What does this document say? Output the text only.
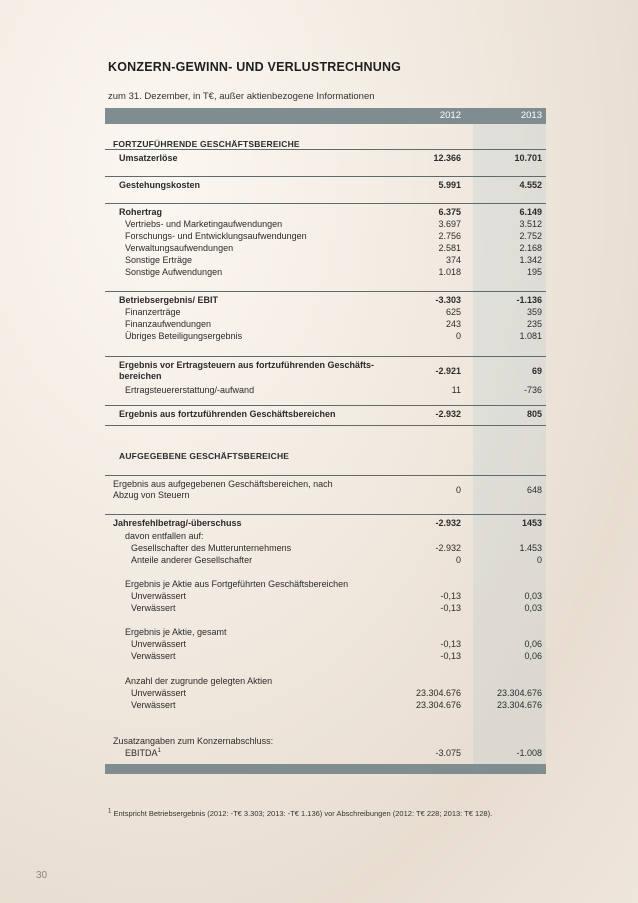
KONZERN-GEWINN- UND VERLUSTRECHNUNG
zum 31. Dezember, in T€, außer aktienbezogene Informationen
2012	2013
FORTZUFÜHRENDE GESCHÄFTSBEREICHE
Umsatzerlöse	12.366	10.701
Gestehungskosten	5.991	4.552
Rohertrag	6.375	6.149
Vertriebs- und Marketingaufwendungen	3.697	3.512
Forschungs- und Entwicklungsaufwendungen	2.756	2.752
Verwaltungsaufwendungen	2.581	2.168
Sonstige Erträge	374	1.342
Sonstige Aufwendungen	1.018	195
Betriebsergebnis/ EBIT	-3.303	-1.136
Finanzerträge	625	359
Finanzaufwendungen	243	235
Übriges Beteiligungsergebnis	0	1.081
Ergebnis vor Ertragsteuern aus fortzuführenden Geschäfts-bereichen	-2.921	69
Ertragsteuererstattung/-aufwand	11	-736
Ergebnis aus fortzuführenden Geschäftsbereichen	-2.932	805
AUFGEGEBENE GESCHÄFTSBEREICHE
Ergebnis aus aufgegebenen Geschäftsbereichen, nach Abzug von Steuern	0	648
Jahresfehlbetrag/-überschuss	-2.932	1453
davon entfallen auf:
Gesellschafter des Mutterunternehmens	-2.932	1.453
Anteile anderer Gesellschafter	0	0
Ergebnis je Aktie aus Fortgeführten Geschäftsbereichen
Unverwässert	-0,13	0,03
Verwässert	-0,13	0,03
Ergebnis je Aktie, gesamt
Unverwässert	-0,13	0,06
Verwässert	-0,13	0,06
Anzahl der zugrunde gelegten Aktien
Unverwässert	23.304.676	23.304.676
Verwässert	23.304.676	23.304.676
Zusatzangaben zum Konzernabschluss:
EBITDA$^1$	-3.075	-1.008
$^1$ Entspricht Betriebsergebnis (2012: -T€ 3.303; 2013: -T€ 1.136) vor Abschreibungen (2012: T€ 228; 2013: T€ 128).
30
